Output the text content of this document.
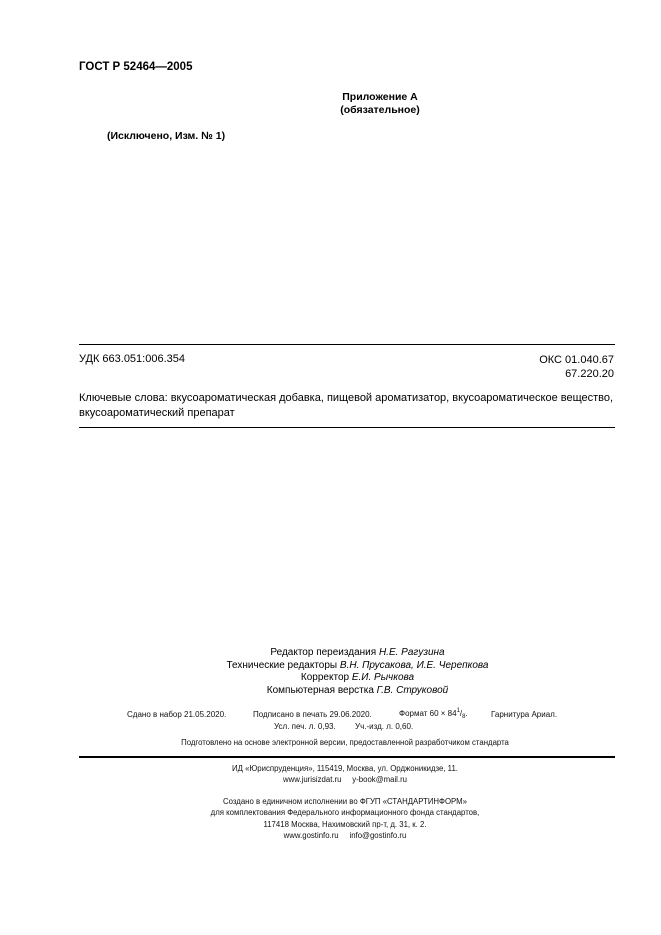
ГОСТ Р 52464—2005
Приложение А
(обязательное)
(Исключено, Изм. № 1)
УДК 663.051:006.354	ОКС 01.040.67
67.220.20
Ключевые слова: вкусоароматическая добавка, пищевой ароматизатор, вкусоароматическое вещество, вкусоароматический препарат
Редактор переиздания Н.Е. Рагузина
Технические редакторы В.Н. Прусакова, И.Е. Черепкова
Корректор Е.И. Рычкова
Компьютерная верстка Г.В. Струковой
Сдано в набор 21.05.2020.	Подписано в печать 29.06.2020.	Формат $60 \times 84^1/_8$.	Гарнитура Ариал.
Усл. печ. л. 0,93. Уч.-изд. л. 0,60.
Подготовлено на основе электронной версии, предоставленной разработчиком стандарта
ИД «Юриспруденция», 115419, Москва, ул. Орджоникидзе, 11.
www.jurisizdat.ru     y-book@mail.ru
Создано в единичном исполнении во ФГУП «СТАНДАРТИНФОРМ»
для комплектования Федерального информационного фонда стандартов,
117418 Москва, Нахимовский пр-т, д. 31, к. 2.
www.gostinfo.ru     info@gostinfo.ru
